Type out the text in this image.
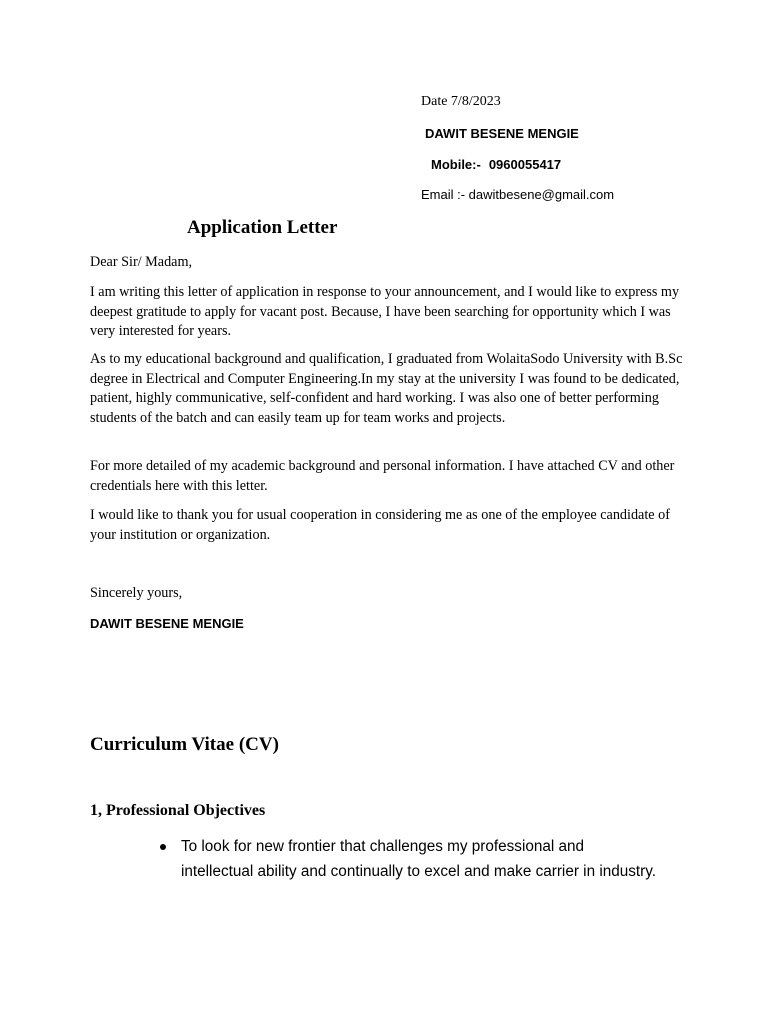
Date 7/8/2023
DAWIT BESENE MENGIE
Mobile:- 0960055417
Email :- dawitbesene@gmail.com
Application Letter

Dear Sir/ Madam,

I am writing this letter of application in response to your announcement, and I would like to express my deepest gratitude to apply for vacant post. Because, I have been searching for opportunity which I was very interested for years.

As to my educational background and qualification, I graduated from WolaitaSodo University with B.Sc degree in Electrical and Computer Engineering.In my stay at the university I was found to be dedicated, patient, highly communicative, self-confident and hard working. I was also one of better performing students of the batch and can easily team up for team works and projects.

For more detailed of my academic background and personal information. I have attached CV and other credentials here with this letter.

I would like to thank you for usual cooperation in considering me as one of the employee candidate of your institution or organization.

Sincerely yours,
DAWIT BESENE MENGIE
Curriculum Vitae (CV)
1, Professional Objectives
To look for new frontier that challenges my professional and intellectual ability and continually to excel and make carrier in industry.
